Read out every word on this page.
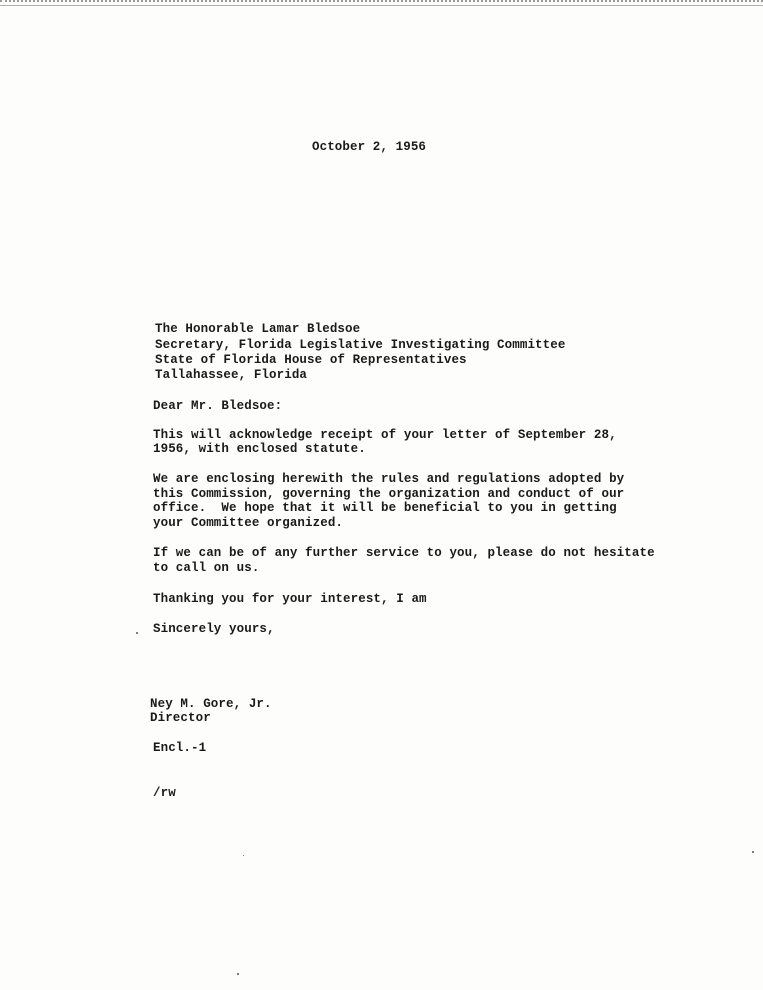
October 2, 1956
The Honorable Lamar Bledsoe
Secretary, Florida Legislative Investigating Committee
State of Florida House of Representatives
Tallahassee, Florida
Dear Mr. Bledsoe:
This will acknowledge receipt of your letter of September 28,
1956, with enclosed statute.
We are enclosing herewith the rules and regulations adopted by
this Commission, governing the organization and conduct of our
office.  We hope that it will be beneficial to you in getting
your Committee organized.
If we can be of any further service to you, please do not hesitate
to call on us.
Thanking you for your interest, I am
Sincerely yours,
Ney M. Gore, Jr.
Director
Encl.-1
/rw
